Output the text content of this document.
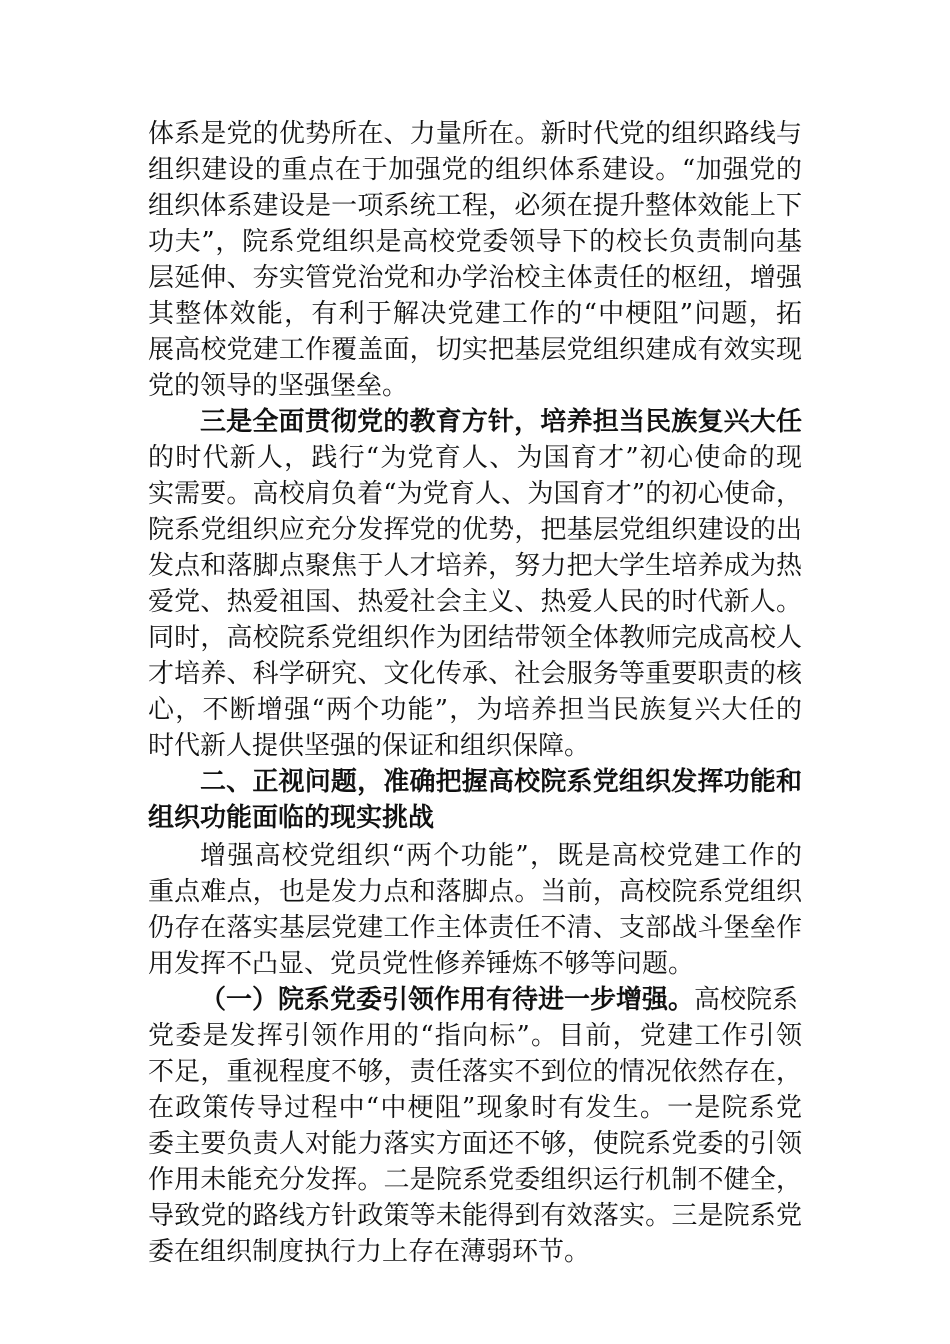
体系是党的优势所在、力量所在。新时代党的组织路线与

组织建设的重点在于加强党的组织体系建设。“加强党的

组织体系建设是一项系统工程，必须在提升整体效能上下

功夫”，院系党组织是高校党委领导下的校长负责制向基

层延伸、夯实管党治党和办学治校主体责任的枢纽，增强

其整体效能，有利于解决党建工作的“中梗阻”问题，拓

展高校党建工作覆盖面，切实把基层党组织建成有效实现

党的领导的坚强堡垒。

三是全面贯彻党的教育方针，培养担当民族复兴大任

的时代新人，践行“为党育人、为国育才”初心使命的现

实需要。高校肩负着“为党育人、为国育才”的初心使命，

院系党组织应充分发挥党的优势，把基层党组织建设的出

发点和落脚点聚焦于人才培养，努力把大学生培养成为热

爱党、热爱祖国、热爱社会主义、热爱人民的时代新人。

同时，高校院系党组织作为团结带领全体教师完成高校人

才培养、科学研究、文化传承、社会服务等重要职责的核

心，不断增强“两个功能”，为培养担当民族复兴大任的

时代新人提供坚强的保证和组织保障。

二、正视问题，准确把握高校院系党组织发挥功能和

组织功能面临的现实挑战

增强高校党组织“两个功能”，既是高校党建工作的

重点难点，也是发力点和落脚点。当前，高校院系党组织

仍存在落实基层党建工作主体责任不清、支部战斗堡垒作

用发挥不凸显、党员党性修养锤炼不够等问题。

（一）院系党委引领作用有待进一步增强。 高校院系

党委是发挥引领作用的“指向标”。目前，党建工作引领

不足，重视程度不够，责任落实不到位的情况依然存在，

在政策传导过程中“中梗阻”现象时有发生。一是院系党

委主要负责人对能力落实方面还不够，使院系党委的引领

作用未能充分发挥。二是院系党委组织运行机制不健全，

导致党的路线方针政策等未能得到有效落实。三是院系党

委在组织制度执行力上存在薄弱环节。
